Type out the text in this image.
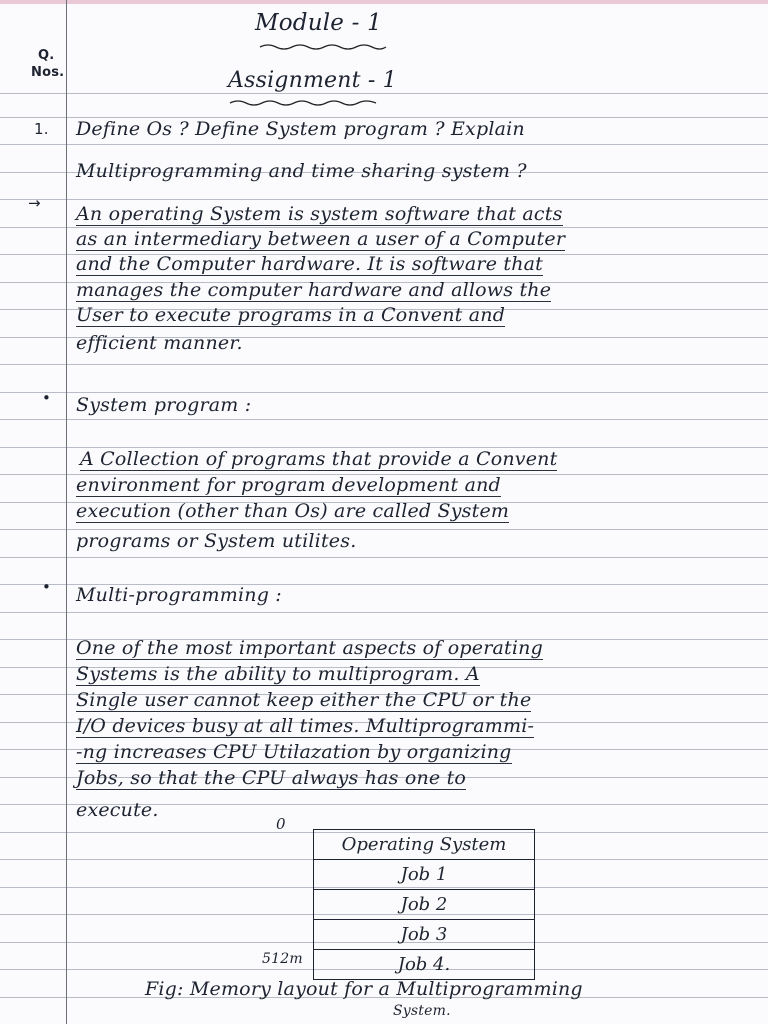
Q.
Nos.
Module - 1
Assignment - 1
1. Define Os ? Define System program ? Explain
Multiprogramming and time sharing system ?
→ An operating System is system software that acts
as an intermediary between a user of a Computer
and the Computer hardware. It is software that
manages the computer hardware and allows the
User to execute programs in a Convent and
efficient manner.
• System program :
A Collection of programs that provide a Convent
environment for program development and
execution (other than Os) are called System
programs or System utilites.
• Multi-programming :
One of the most important aspects of operating
Systems is the ability to multiprogram. A
Single user cannot keep either the CPU or the
I/O devices busy at all times. Multiprogrammi-
-ng increases CPU Utilazation by organizing
Jobs, so that the CPU always has one to
execute.
0
512m
Operating System
Job 1
Job 2
Job 3
Job 4.
Fig: Memory layout for a Multiprogramming
System.
